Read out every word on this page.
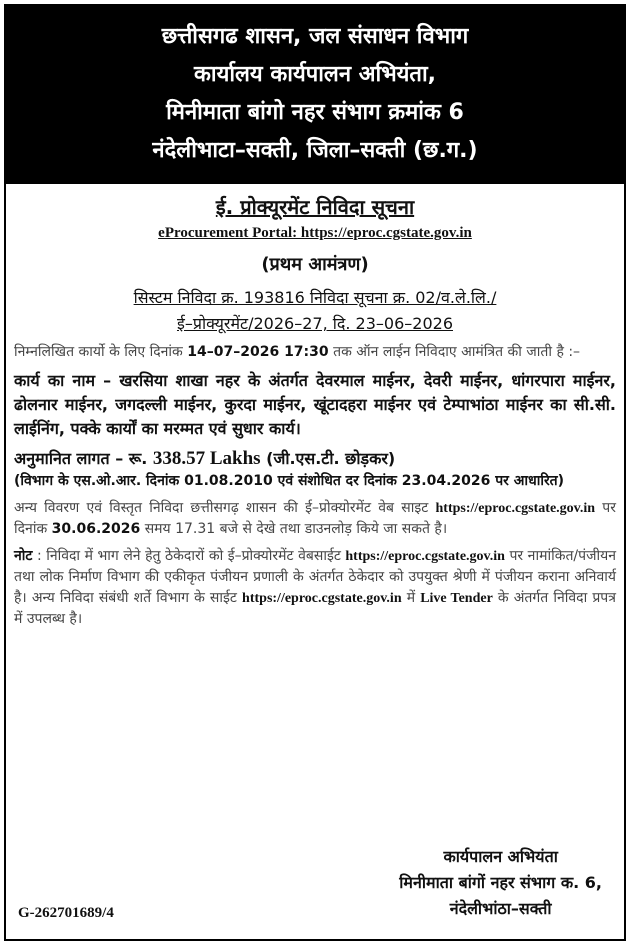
छत्तीसगढ शासन, जल संसाधन विभाग
कार्यालय कार्यपालन अभियंता,
मिनीमाता बांगो नहर संभाग क्रमांक 6
नंदेलीभाटा–सक्ती, जिला–सक्ती (छ.ग.)
ई. प्रोक्यूरमेंट निविदा सूचना
eProcurement Portal: https://eproc.cgstate.gov.in
(प्रथम आमंत्रण)
सिस्टम निविदा क्र. 193816 निविदा सूचना क्र. 02/व.ले.लि./
ई–प्रोक्यूरमेंट/2026–27, दि. 23–06–2026
निम्नलिखित कार्यो के लिए दिनांक 14–07–2026 17:30 तक ऑन लाईन निविदाए आमंत्रित की जाती है :–
कार्य का नाम – खरसिया शाखा नहर के अंतर्गत देवरमाल माईनर, देवरी माईनर, धांगरपारा माईनर, ढोलनार माईनर, जगदल्ली माईनर, कुरदा माईनर, खूंटादहरा माईनर एवं टेम्पाभांठा माईनर का सी.सी. लाईनिंग, पक्के कार्यों का मरम्मत एवं सुधार कार्य।
अनुमानित लागत – रू. 338.57 Lakhs (जी.एस.टी. छोड़कर)
(विभाग के एस.ओ.आर. दिनांक 01.08.2010 एवं संशोधित दर दिनांक 23.04.2026 पर आधारित)
अन्य विवरण एवं विस्तृत निविदा छत्तीसगढ़ शासन की ई–प्रोक्योरमेंट वेब साइट https://eproc.cgstate.gov.in पर दिनांक 30.06.2026 समय 17.31 बजे से देखे तथा डाउनलोड़ किये जा सकते है।
नोट : निविदा में भाग लेने हेतु ठेकेदारों को ई–प्रोक्योरमेंट वेबसाईट https://eproc.cgstate.gov.in पर नामांकित/पंजीयन तथा लोक निर्माण विभाग की एकीकृत पंजीयन प्रणाली के अंतर्गत ठेकेदार को उपयुक्त श्रेणी में पंजीयन कराना अनिवार्य है। अन्य निविदा संबंधी शर्ते विभाग के साईट https://eproc.cgstate.gov.in में Live Tender के अंतर्गत निविदा प्रपत्र में उपलब्ध है।
कार्यपालन अभियंता
मिनीमाता बांगों नहर संभाग क. 6,
नंदेलीभांठा–सक्ती
G-262701689/4
